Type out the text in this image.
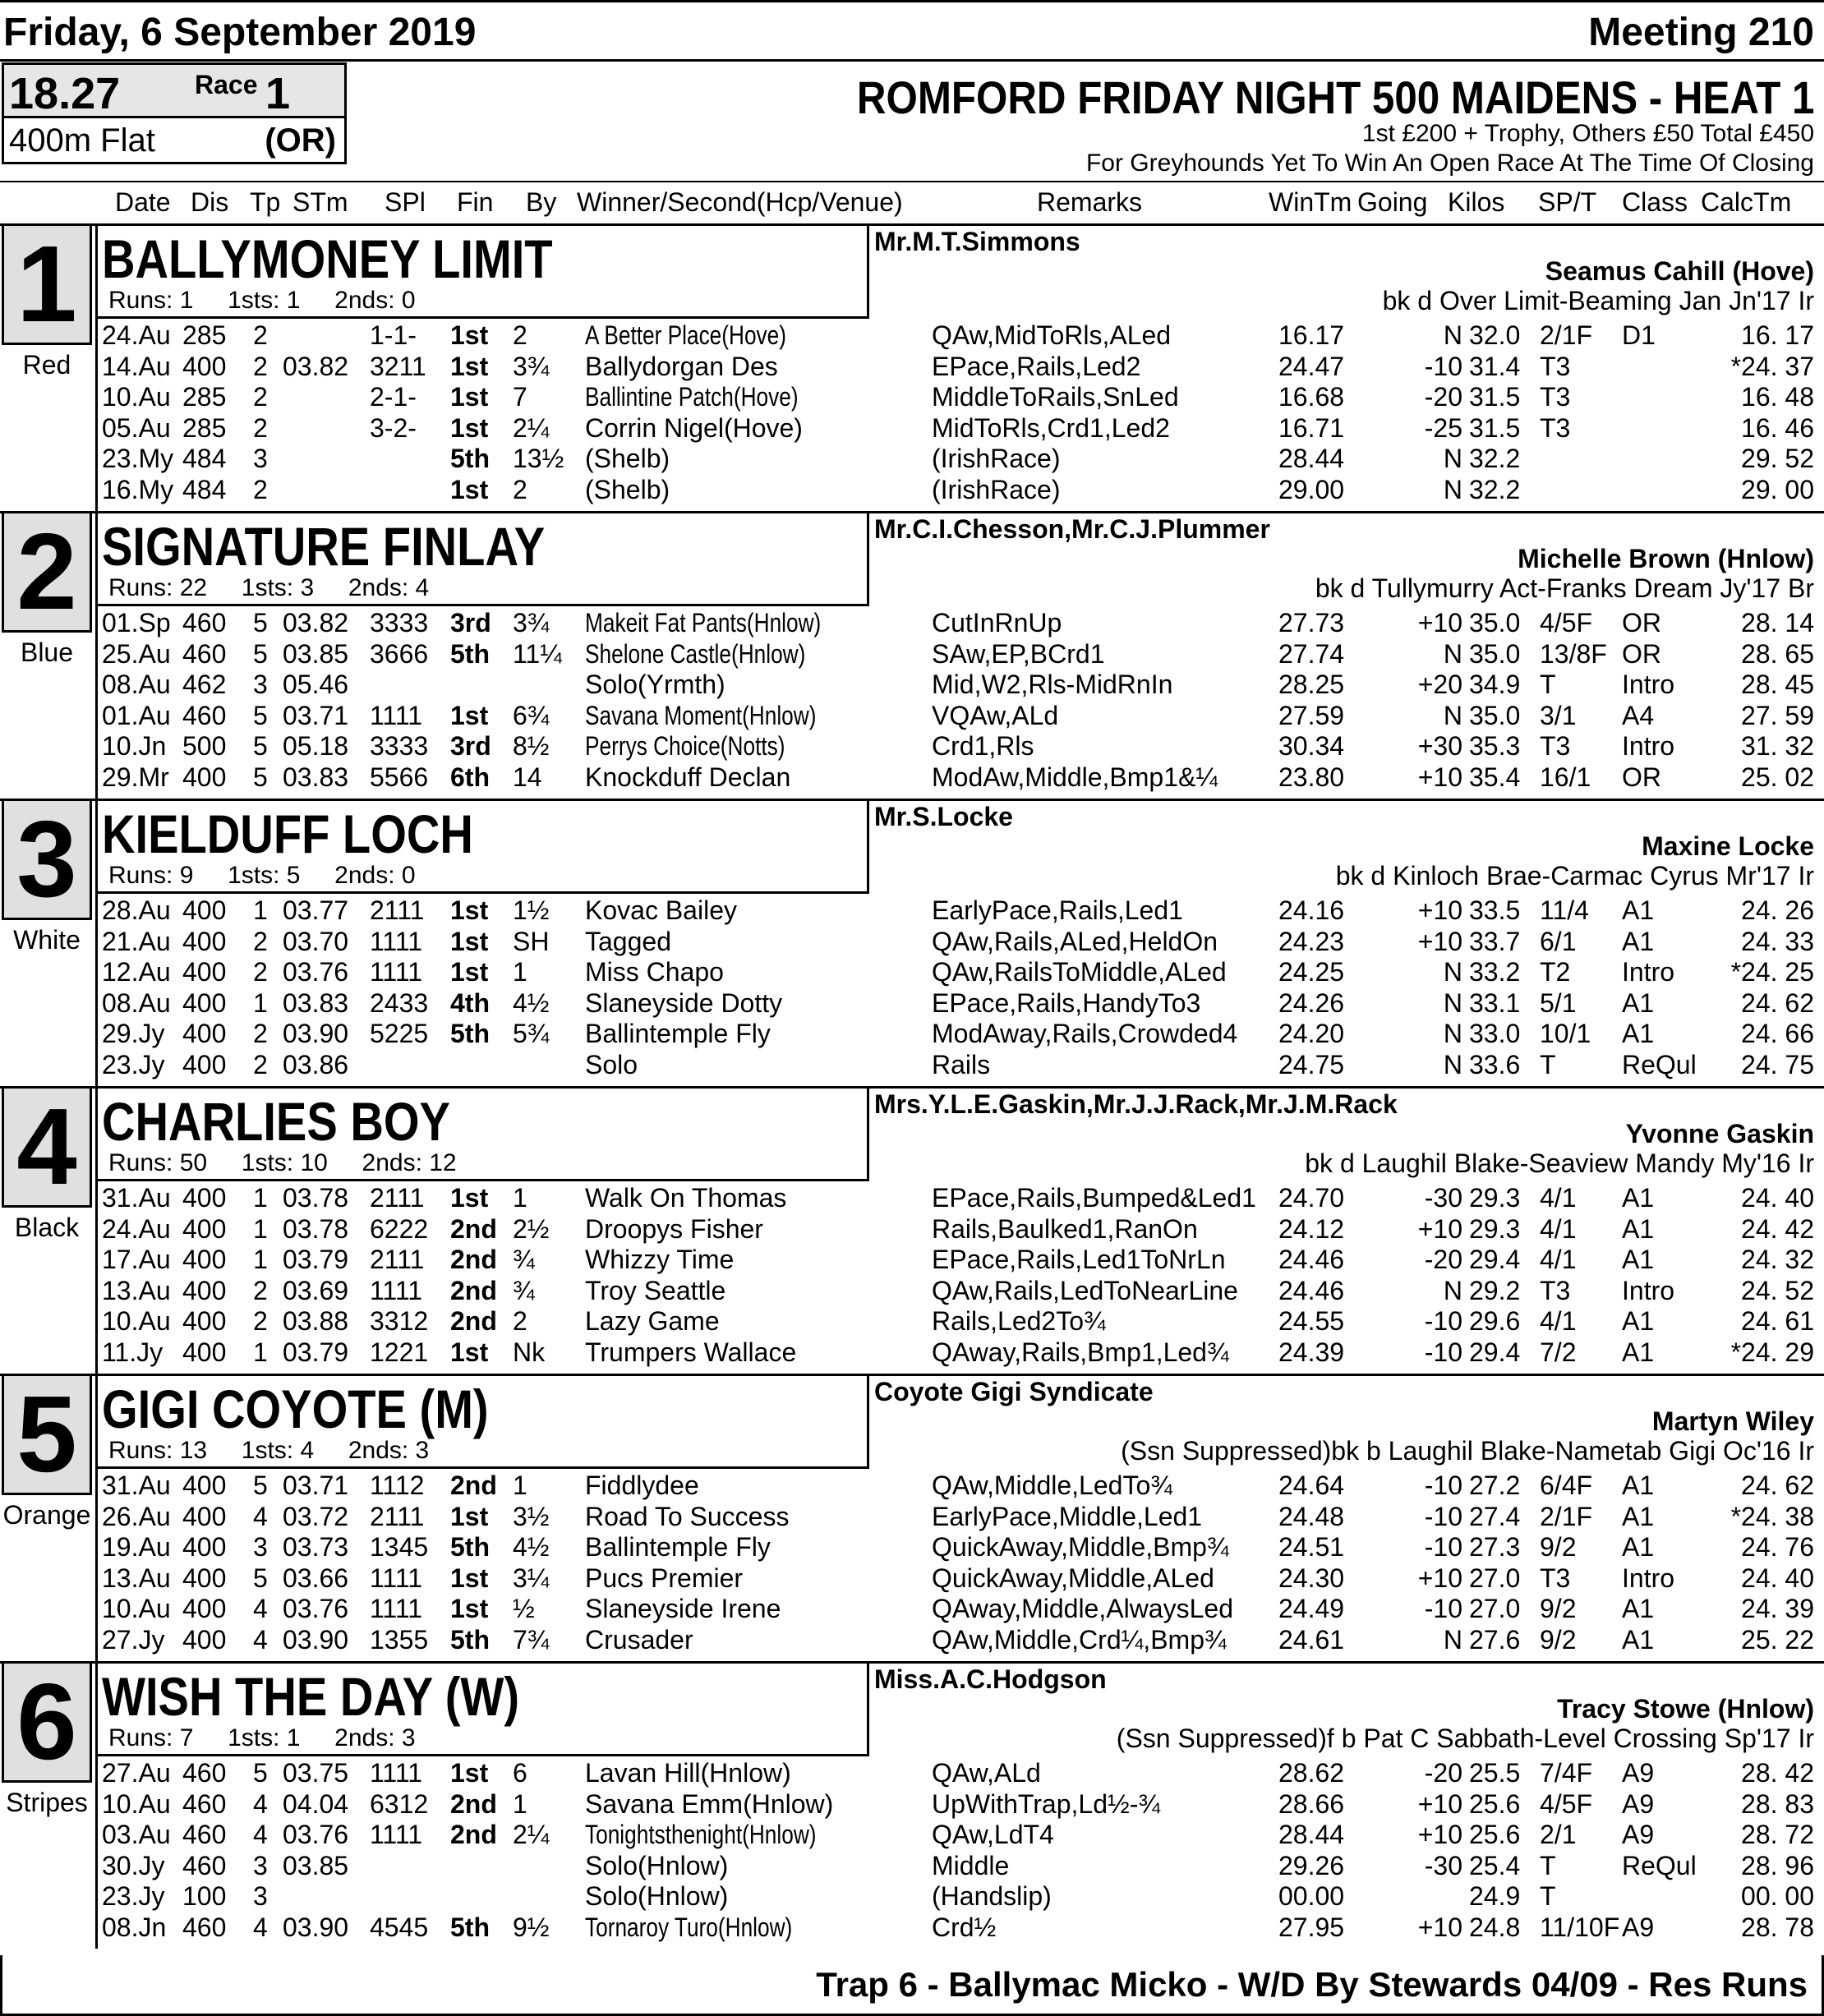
Friday, 6 September 2019	Meeting 210
18.27	Race 1
400m Flat	(OR)
ROMFORD FRIDAY NIGHT 500 MAIDENS - HEAT 1
1st £200 + Trophy, Others £50 Total £450
For Greyhounds Yet To Win An Open Race At The Time Of Closing
Date Dis Tp STm SPl Fin By Winner/Second(Hcp/Venue)	Remarks	WinTm Going Kilos SP/T Class CalcTm
1
Red
BALLYMONEY LIMIT
Runs: 1 1sts: 1 2nds: 0
Mr.M.T.Simmons
Seamus Cahill (Hove)
bk d Over Limit-Beaming Jan Jn'17 Ir
24.Au 285 2	1-1- 1st 2 A Better Place(Hove)	QAw,MidToRls,ALed	16.17	N 32.0 2/1F D1	16. 17
14.Au 400 2 03.82 3211 1st 3¾ Ballydorgan Des	EPace,Rails,Led2	24.47	-10 31.4 T3	*24. 37
10.Au 285 2	2-1- 1st 7 Ballintine Patch(Hove)	MiddleToRails,SnLed	16.68	-20 31.5 T3	16. 48
05.Au 285 2	3-2- 1st 2¼ Corrin Nigel(Hove)	MidToRls,Crd1,Led2	16.71	-25 31.5 T3	16. 46
23.My 484 3	5th 13½ (Shelb)	(IrishRace)	28.44	N 32.2	29. 52
16.My 484 2	1st 2 (Shelb)	(IrishRace)	29.00	N 32.2	29. 00
2
Blue
SIGNATURE FINLAY
Runs: 22 1sts: 3 2nds: 4
Mr.C.I.Chesson,Mr.C.J.Plummer
Michelle Brown (Hnlow)
bk d Tullymurry Act-Franks Dream Jy'17 Br
01.Sp 460 5 03.82 3333 3rd 3¾ Makeit Fat Pants(Hnlow)	CutInRnUp	27.73	+10 35.0 4/5F OR	28. 14
25.Au 460 5 03.85 3666 5th 11¼ Shelone Castle(Hnlow)	SAw,EP,BCrd1	27.74	N 35.0 13/8F OR	28. 65
08.Au 462 3 05.46	Solo(Yrmth)	Mid,W2,Rls-MidRnIn	28.25	+20 34.9 T	Intro	28. 45
01.Au 460 5 03.71 1111 1st 6¾ Savana Moment(Hnlow)	VQAw,ALd	27.59	N 35.0 3/1 A4	27. 59
10.Jn 500 5 05.18 3333 3rd 8½ Perrys Choice(Notts)	Crd1,Rls	30.34	+30 35.3 T3 Intro	31. 32
29.Mr 400 5 03.83 5566 6th 14 Knockduff Declan	ModAw,Middle,Bmp1&¼ 23.80	+10 35.4 16/1 OR	25. 02
3
White
KIELDUFF LOCH
Runs: 9 1sts: 5 2nds: 0
Mr.S.Locke
Maxine Locke
bk d Kinloch Brae-Carmac Cyrus Mr'17 Ir
28.Au 400 1 03.77 2111 1st 1½ Kovac Bailey	EarlyPace,Rails,Led1	24.16	+10 33.5 11/4 A1	24. 26
21.Au 400 2 03.70 1111 1st SH Tagged	QAw,Rails,ALed,HeldOn 24.23	+10 33.7 6/1 A1	24. 33
12.Au 400 2 03.76 1111 1st 1 Miss Chapo	QAw,RailsToMiddle,ALed 24.25	N 33.2 T2 Intro *24. 25
08.Au 400 1 03.83 2433 4th 4½ Slaneyside Dotty	EPace,Rails,HandyTo3	24.26	N 33.1 5/1 A1	24. 62
29.Jy 400 2 03.90 5225 5th 5¾ Ballintemple Fly	ModAway,Rails,Crowded4 24.20	N 33.0 10/1 A1	24. 66
23.Jy 400 2 03.86	Solo	Rails	24.75	N 33.6 T	ReQul 24. 75
4
Black
CHARLIES BOY
Runs: 50 1sts: 10 2nds: 12
Mrs.Y.L.E.Gaskin,Mr.J.J.Rack,Mr.J.M.Rack
Yvonne Gaskin
bk d Laughil Blake-Seaview Mandy My'16 Ir
31.Au 400 1 03.78 2111 1st 1 Walk On Thomas	EPace,Rails,Bumped&Led1 24.70	-30 29.3 4/1 A1	24. 40
24.Au 400 1 03.78 6222 2nd 2½ Droopys Fisher	Rails,Baulked1,RanOn	24.12	+10 29.3 4/1 A1	24. 42
17.Au 400 1 03.79 2111 2nd ¾ Whizzy Time	EPace,Rails,Led1ToNrLn 24.46	-20 29.4 4/1 A1	24. 32
13.Au 400 2 03.69 1111 2nd ¾ Troy Seattle	QAw,Rails,LedToNearLine 24.46	N 29.2 T3 Intro	24. 52
10.Au 400 2 03.88 3312 2nd 2 Lazy Game	Rails,Led2To¾	24.55	-10 29.6 4/1 A1	24. 61
11.Jy 400 1 03.79 1221 1st Nk Trumpers Wallace	QAway,Rails,Bmp1,Led¾ 24.39	-10 29.4 7/2 A1	*24. 29
5
Orange
GIGI COYOTE (M)
Runs: 13 1sts: 4 2nds: 3
Coyote Gigi Syndicate
Martyn Wiley
(Ssn Suppressed)bk b Laughil Blake-Nametab Gigi Oc'16 Ir
31.Au 400 5 03.71 1112 2nd 1 Fiddlydee	QAw,Middle,LedTo¾	24.64	-10 27.2 6/4F A1	24. 62
26.Au 400 4 03.72 2111 1st 3½ Road To Success	EarlyPace,Middle,Led1	24.48	-10 27.4 2/1F A1	*24. 38
19.Au 400 3 03.73 1345 5th 4½ Ballintemple Fly	QuickAway,Middle,Bmp¾ 24.51	-10 27.3 9/2 A1	24. 76
13.Au 400 5 03.66 1111 1st 3¼ Pucs Premier	QuickAway,Middle,ALed 24.30	+10 27.0 T3 Intro	24. 40
10.Au 400 4 03.76 1111 1st ½ Slaneyside Irene	QAway,Middle,AlwaysLed 24.49	-10 27.0 9/2 A1	24. 39
27.Jy 400 4 03.90 1355 5th 7¾ Crusader	QAw,Middle,Crd¼,Bmp¾ 24.61	N 27.6 9/2 A1	25. 22
6
Stripes
WISH THE DAY (W)
Runs: 7 1sts: 1 2nds: 3
Miss.A.C.Hodgson
Tracy Stowe (Hnlow)
(Ssn Suppressed)f b Pat C Sabbath-Level Crossing Sp'17 Ir
27.Au 460 5 03.75 1111 1st 6 Lavan Hill(Hnlow)	QAw,ALd	28.62	-20 25.5 7/4F A9	28. 42
10.Au 460 4 04.04 6312 2nd 1 Savana Emm(Hnlow)	UpWithTrap,Ld½-¾	28.66	+10 25.6 4/5F A9	28. 83
03.Au 460 4 03.76 1111 2nd 2¼ Tonightsthenight(Hnlow)	QAw,LdT4	28.44	+10 25.6 2/1 A9	28. 72
30.Jy 460 3 03.85	Solo(Hnlow)	Middle	29.26	-30 25.4 T	ReQul 28. 96
23.Jy 100 3	Solo(Hnlow)	(Handslip)	00.00	24.9 T	00. 00
08.Jn 460 4 03.90 4545 5th 9½ Tornaroy Turo(Hnlow)	Crd½	27.95	+10 24.8 11/10F A9	28. 78
Trap 6 - Ballymac Micko - W/D By Stewards 04/09 - Res Runs
